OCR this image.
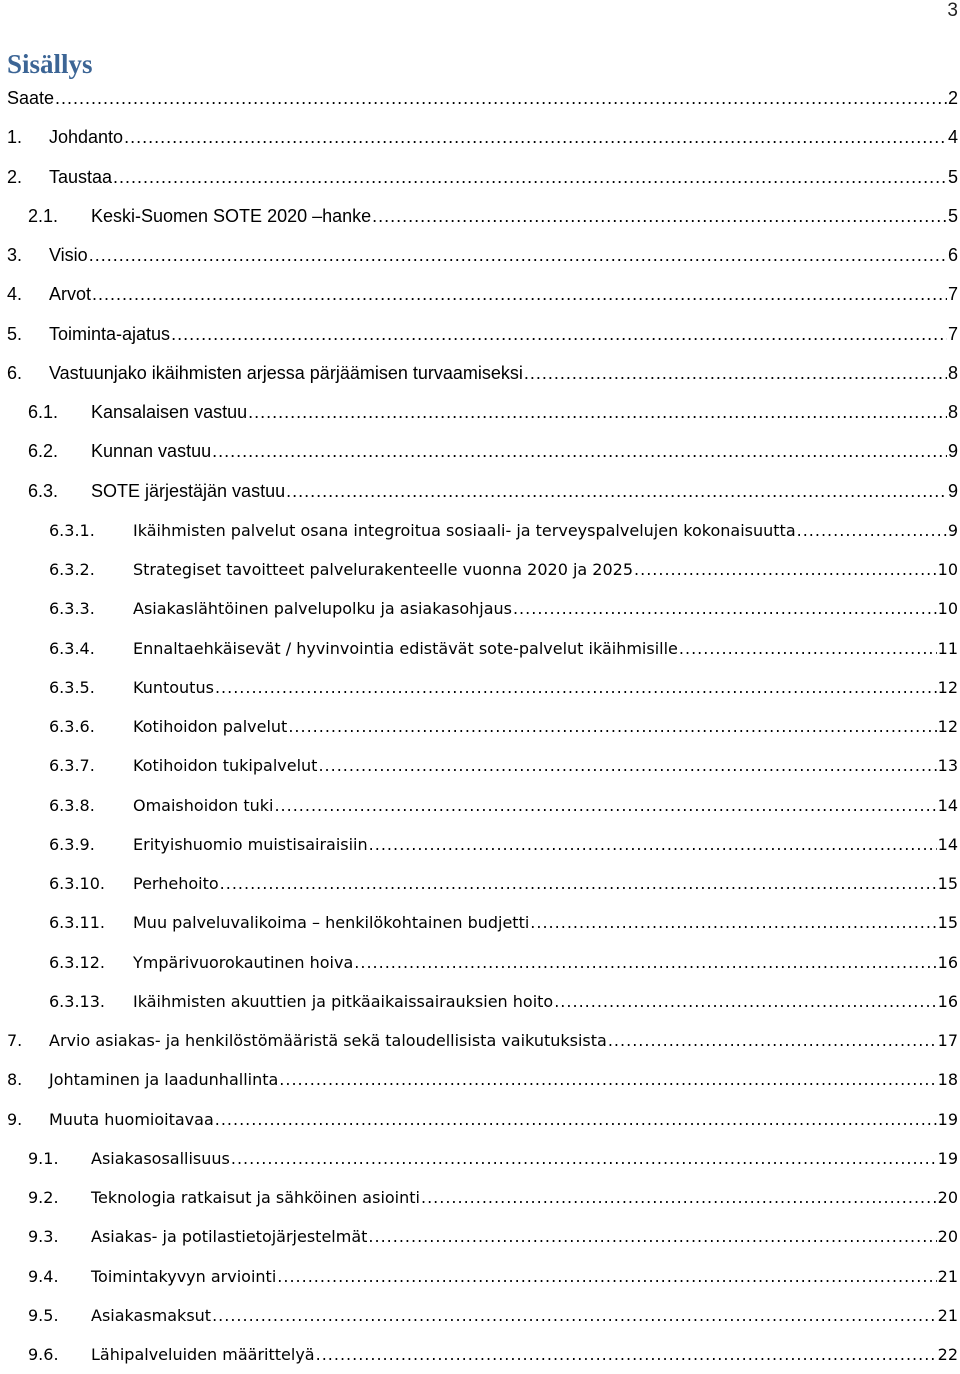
3
Sisällys
Saate .....	2
1. Johdanto .....	4
2. Taustaa .....	5
2.1. Keski-Suomen SOTE 2020 –hanke .....	5
3. Visio .....	6
4. Arvot .....	7
5. Toiminta-ajatus .....	7
6. Vastuunjako ikäihmisten arjessa pärjäämisen turvaamiseksi .....	8
6.1. Kansalaisen vastuu .....	8
6.2. Kunnan vastuu .....	9
6.3. SOTE järjestäjän vastuu .....	9
6.3.1. Ikäihmisten palvelut osana integroitua sosiaali- ja terveyspalvelujen kokonaisuutta .....	9
6.3.2. Strategiset tavoitteet palvelurakenteelle vuonna 2020 ja 2025 .....	10
6.3.3. Asiakaslähtöinen palvelupolku ja asiakasohjaus .....	10
6.3.4. Ennaltaehkäisevät / hyvinvointia edistävät sote-palvelut ikäihmisille .....	11
6.3.5. Kuntoutus .....	12
6.3.6. Kotihoidon palvelut .....	12
6.3.7. Kotihoidon tukipalvelut .....	13
6.3.8. Omaishoidon tuki .....	14
6.3.9. Erityishuomio muistisairaisiin .....	14
6.3.10. Perhehoito .....	15
6.3.11. Muu palveluvalikoima – henkilökohtainen budjetti .....	15
6.3.12. Ympärivuorokautinen hoiva .....	16
6.3.13. Ikäihmisten akuuttien ja pitkäaikaissairauksien hoito .....	16
7. Arvio asiakas- ja henkilöstömääristä sekä taloudellisista vaikutuksista .....	17
8. Johtaminen ja laadunhallinta .....	18
9. Muuta huomioitavaa .....	19
9.1. Asiakasosallisuus .....	19
9.2. Teknologia ratkaisut ja sähköinen asiointi .....	20
9.3. Asiakas- ja potilastietojärjestelmät .....	20
9.4. Toimintakyvyn arviointi .....	21
9.5. Asiakasmaksut .....	21
9.6. Lähipalveluiden määrittelyä .....	22
